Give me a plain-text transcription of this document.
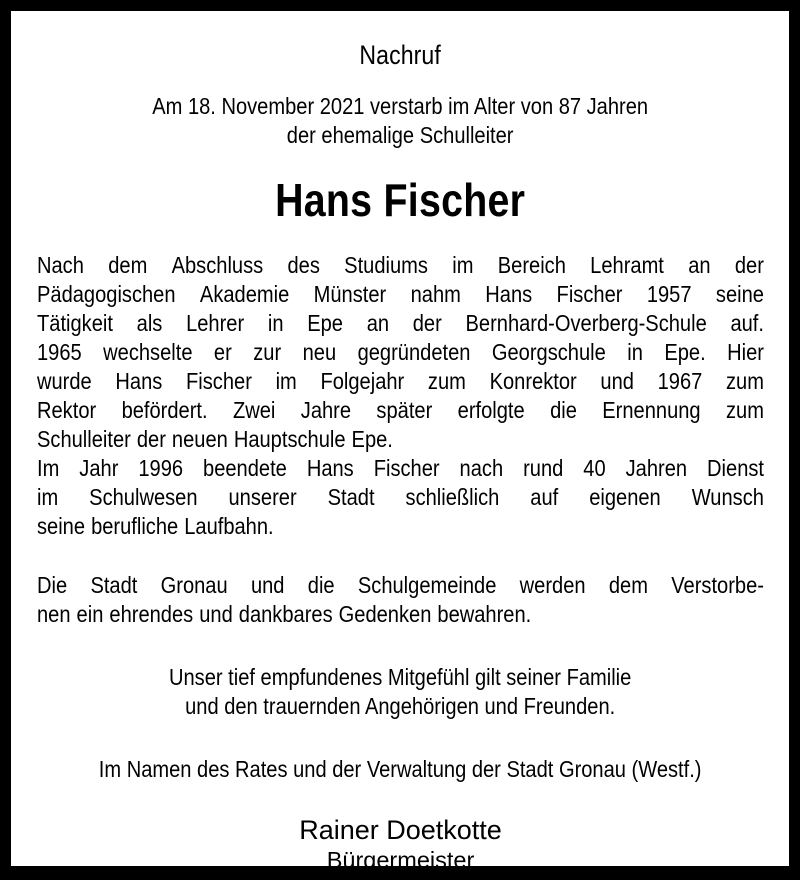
Nachruf
Am 18. November 2021 verstarb im Alter von 87 Jahren
der ehemalige Schulleiter
Hans Fischer
Nach dem Abschluss des Studiums im Bereich Lehramt an der
Pädagogischen Akademie Münster nahm Hans Fischer 1957 seine
Tätigkeit als Lehrer in Epe an der Bernhard-Overberg-Schule auf.
1965 wechselte er zur neu gegründeten Georgschule in Epe. Hier
wurde Hans Fischer im Folgejahr zum Konrektor und 1967 zum
Rektor befördert. Zwei Jahre später erfolgte die Ernennung zum
Schulleiter der neuen Hauptschule Epe.
Im Jahr 1996 beendete Hans Fischer nach rund 40 Jahren Dienst
im Schulwesen unserer Stadt schließlich auf eigenen Wunsch
seine berufliche Laufbahn.
Die Stadt Gronau und die Schulgemeinde werden dem Verstorbe-
nen ein ehrendes und dankbares Gedenken bewahren.
Unser tief empfundenes Mitgefühl gilt seiner Familie
und den trauernden Angehörigen und Freunden.
Im Namen des Rates und der Verwaltung der Stadt Gronau (Westf.)
Rainer Doetkotte
Bürgermeister
